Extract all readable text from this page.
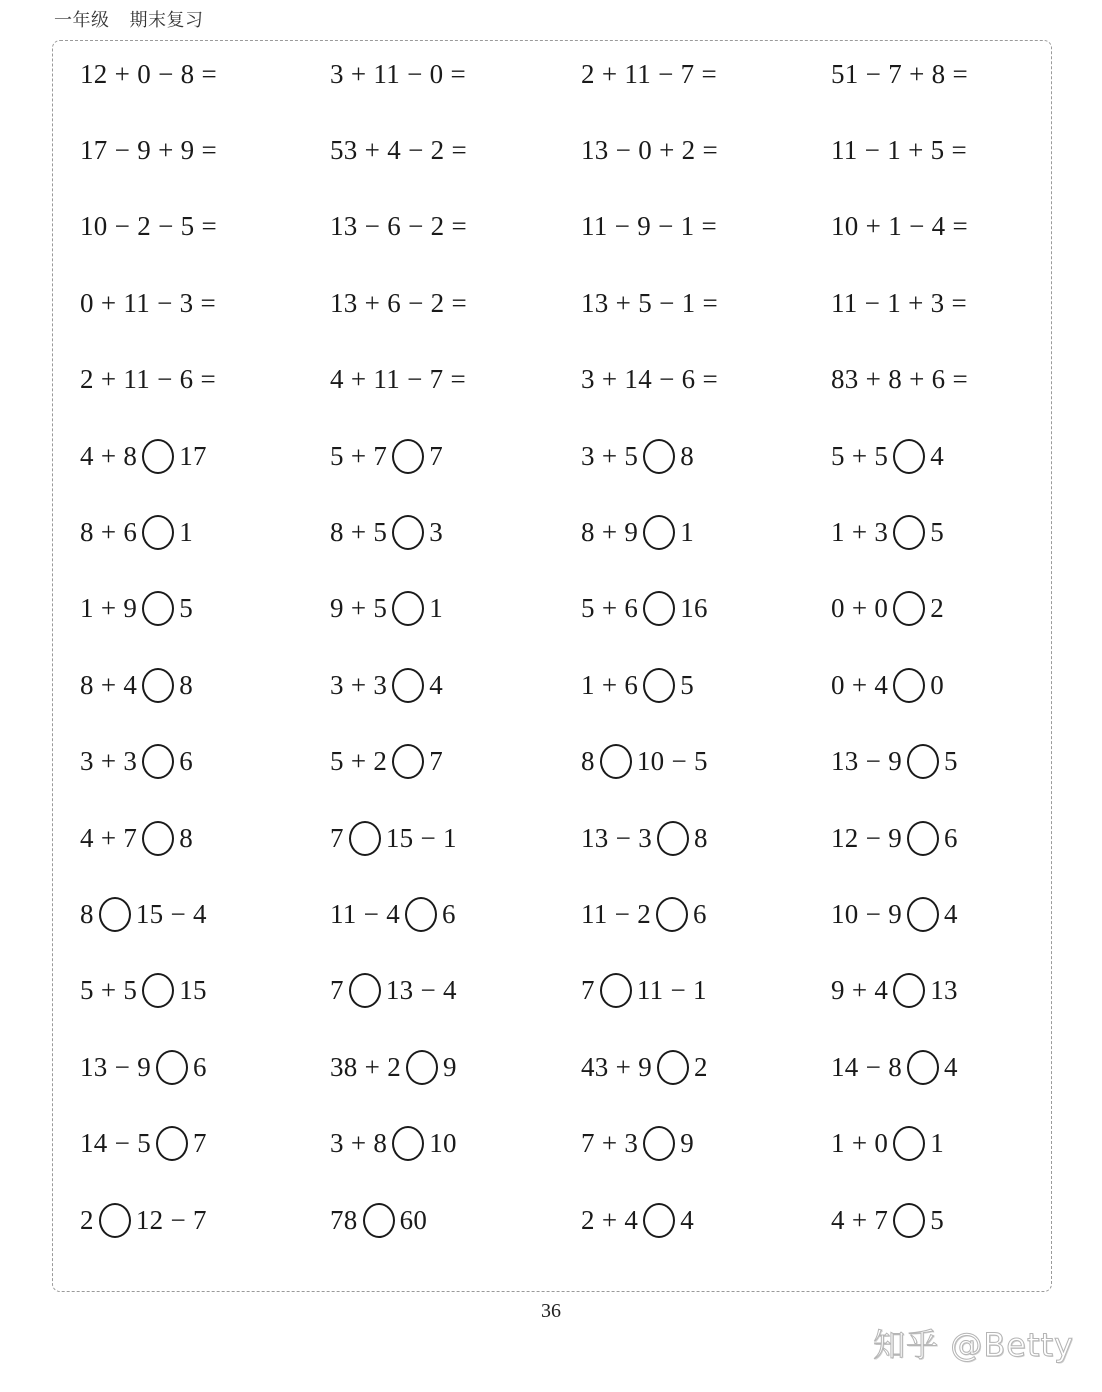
一年级 期末复习
12 + 0 − 8 =	3 + 11 − 0 =	2 + 11 − 7 =	51 − 7 + 8 =
17 − 9 + 9 =	53 + 4 − 2 =	13 − 0 + 2 =	11 − 1 + 5 =
10 − 2 − 5 =	13 − 6 − 2 =	11 − 9 − 1 =	10 + 1 − 4 =
0 + 11 − 3 =	13 + 6 − 2 =	13 + 5 − 1 =	11 − 1 + 3 =
2 + 11 − 6 =	4 + 11 − 7 =	3 + 14 − 6 =	83 + 8 + 6 =
4 + 8 17	5 + 7 7	3 + 5 8	5 + 5 4
8 + 6 1	8 + 5 3	8 + 9 1	1 + 3 5
1 + 9 5	9 + 5 1	5 + 6 16	0 + 0 2
8 + 4 8	3 + 3 4	1 + 6 5	0 + 4 0
3 + 3 6	5 + 2 7	8 10 − 5	13 − 9 5
4 + 7 8	7 15 − 1	13 − 3 8	12 − 9 6
8 15 − 4	11 − 4 6	11 − 2 6	10 − 9 4
5 + 5 15	7 13 − 4	7 11 − 1	9 + 4 13
13 − 9 6	38 + 2 9	43 + 9 2	14 − 8 4
14 − 5 7	3 + 8 10	7 + 3 9	1 + 0 1
2 12 − 7	78 60	2 + 4 4	4 + 7 5
36
知乎 @Betty
